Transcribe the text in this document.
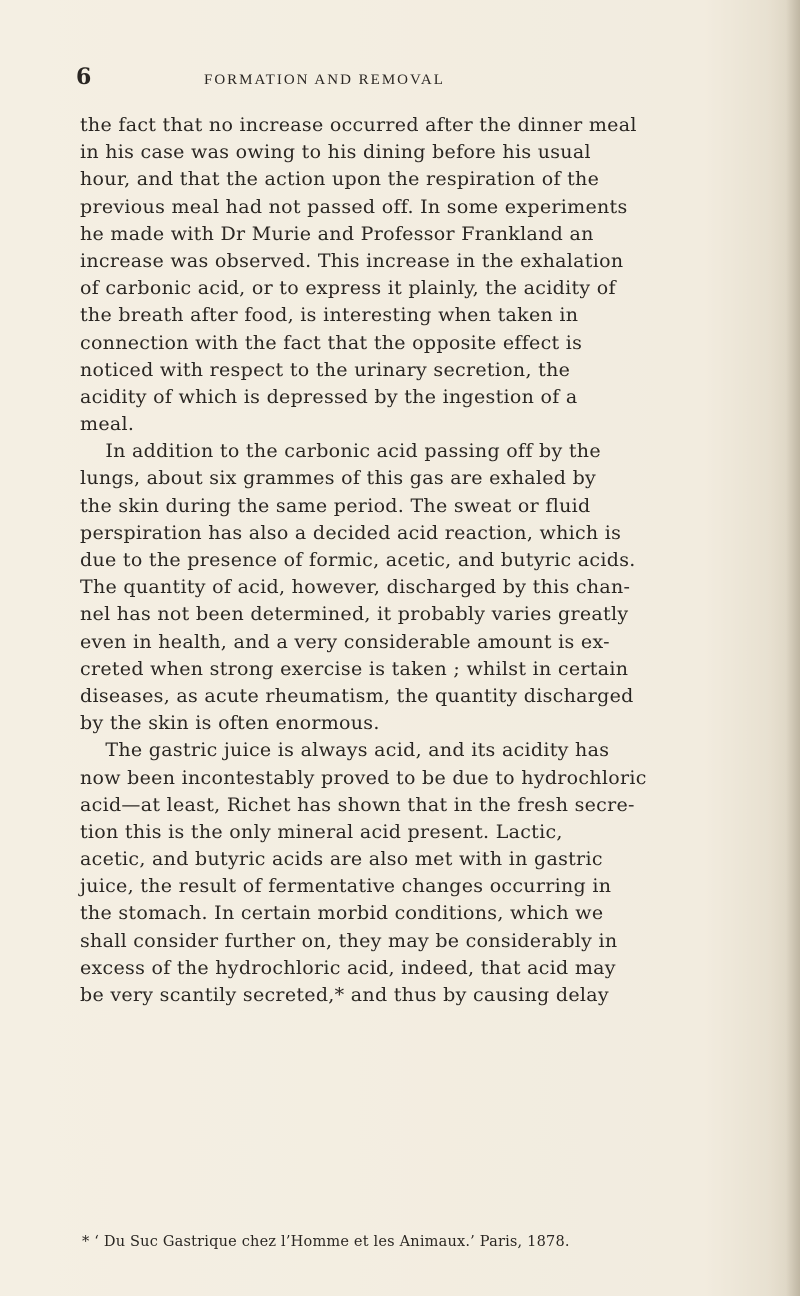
6	FORMATION AND REMOVAL
the fact that no increase occurred after the dinner meal
in his case was owing to his dining before his usual
hour, and that the action upon the respiration of the
previous meal had not passed off. In some experiments
he made with Dr Murie and Professor Frankland an
increase was observed. This increase in the exhalation
of carbonic acid, or to express it plainly, the acidity of
the breath after food, is interesting when taken in
connection with the fact that the opposite effect is
noticed with respect to the urinary secretion, the
acidity of which is depressed by the ingestion of a
meal.
In addition to the carbonic acid passing off by the
lungs, about six grammes of this gas are exhaled by
the skin during the same period. The sweat or fluid
perspiration has also a decided acid reaction, which is
due to the presence of formic, acetic, and butyric acids.
The quantity of acid, however, discharged by this chan-
nel has not been determined, it probably varies greatly
even in health, and a very considerable amount is ex-
creted when strong exercise is taken ; whilst in certain
diseases, as acute rheumatism, the quantity discharged
by the skin is often enormous.
The gastric juice is always acid, and its acidity has
now been incontestably proved to be due to hydrochloric
acid—at least, Richet has shown that in the fresh secre-
tion this is the only mineral acid present. Lactic,
acetic, and butyric acids are also met with in gastric
juice, the result of fermentative changes occurring in
the stomach. In certain morbid conditions, which we
shall consider further on, they may be considerably in
excess of the hydrochloric acid, indeed, that acid may
be very scantily secreted,* and thus by causing delay
* ‘ Du Suc Gastrique chez l’Homme et les Animaux.’ Paris, 1878.
